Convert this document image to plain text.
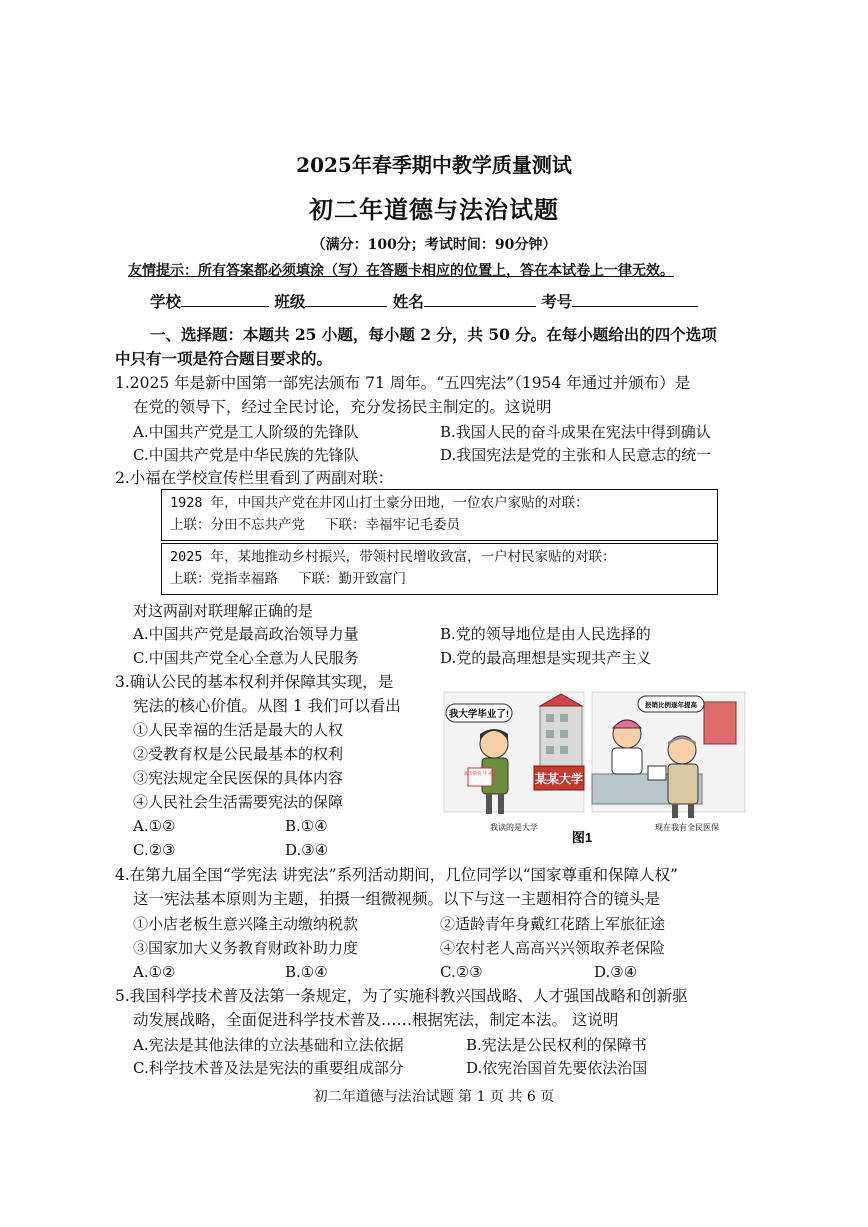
2025年春季期中教学质量测试
初二年道德与法治试题
（满分：100分；考试时间：90分钟）
友情提示：所有答案都必须填涂（写）在答题卡相应的位置上，答在本试卷上一律无效。
学校	班级	姓名	考号
一、选择题：本题共 25 小题，每小题 2 分，共 50 分。在每小题给出的四个选项
中只有一项是符合题目要求的。
1.2025 年是新中国第一部宪法颁布 71 周年。“五四宪法”（1954 年通过并颁布）是
在党的领导下，经过全民讨论，充分发扬民主制定的。这说明
A.中国共产党是工人阶级的先锋队	B.我国人民的奋斗成果在宪法中得到确认
C.中国共产党是中华民族的先锋队	D.我国宪法是党的主张和人民意志的统一
2.小福在学校宣传栏里看到了两副对联：
1928 年，中国共产党在井冈山打土豪分田地，一位农户家贴的对联：
上联：分田不忘共产党 下联：幸福牢记毛委员
2025 年，某地推动乡村振兴，带领村民增收致富，一户村民家贴的对联：
上联：党指幸福路 下联：勤开致富门
对这两副对联理解正确的是
A.中国共产党是最高政治领导力量	B.党的领导地位是由人民选择的
C.中国共产党全心全意为人民服务	D.党的最高理想是实现共产主义
3.确认公民的基本权利并保障其实现，是
宪法的核心价值。从图 1 我们可以看出
①人民幸福的生活是最大的人权
②受教育权是公民最基本的权利
③宪法规定全民医保的具体内容
④人民社会生活需要宪法的保障
A.①②	B.①④
C.②③	D.③④
某某大学
高等教育 毕业证
我大学毕业了!
报销比例逐年提高
我读的是大学	现在我有全民医保
图1
4.在第九届全国“学宪法 讲宪法”系列活动期间，几位同学以“国家尊重和保障人权”
这一宪法基本原则为主题，拍摄一组微视频。以下与这一主题相符合的镜头是
①小店老板生意兴隆主动缴纳税款	②适龄青年身戴红花踏上军旅征途
③国家加大义务教育财政补助力度	④农村老人高高兴兴领取养老保险
A.①②	B.①④	C.②③	D.③④
5.我国科学技术普及法第一条规定，为了实施科教兴国战略、人才强国战略和创新驱
动发展战略，全面促进科学技术普及……根据宪法，制定本法。 这说明
A.宪法是其他法律的立法基础和立法依据	B.宪法是公民权利的保障书
C.科学技术普及法是宪法的重要组成部分	D.依宪治国首先要依法治国
初二年道德与法治试题 第 1 页 共 6 页
